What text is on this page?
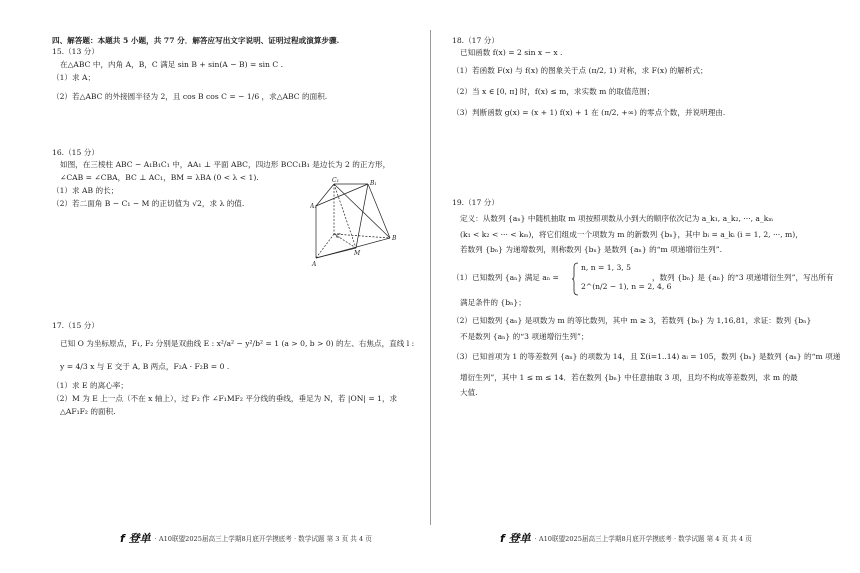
四、解答题：本题共 5 小题，共 77 分．解答应写出文字说明、证明过程或演算步骤.
15.（13 分）
在△ABC 中，内角 A，B，C 满足 sin B + sin(A − B) = sin C .
（1）求 A；
（2）若△ABC 的外接圆半径为 2，且 cos B cos C = − 1/6 ，求△ABC 的面积.
16.（15 分）
如图，在三棱柱 ABC − A₁B₁C₁ 中，AA₁ ⊥ 平面 ABC，四边形 BCC₁B₁ 是边长为 2 的正方形，
∠CAB = ∠CBA，BC ⊥ AC₁，BM = λBA (0 < λ < 1).
（1）求 AB 的长；
（2）若二面角 B − C₁ − M 的正切值为 √2，求 λ 的值.
C₁	B₁
A₁
C	B
M
A
17.（15 分）
已知 O 为坐标原点，F₁, F₂ 分别是双曲线 E : x²/a² − y²/b² = 1 (a > 0, b > 0) 的左、右焦点，直线 l :
y = 4/3 x 与 E 交于 A, B 两点，F₂A · F₂B = 0 .
（1）求 E 的离心率；
（2）M 为 E 上一点（不在 x 轴上），过 F₂ 作 ∠F₁MF₂ 平分线的垂线，垂足为 N，若 |ON| = 1，求
△AF₁F₂ 的面积.
f 登单 · A10联盟2025届高三上学期8月底开学摸底考 · 数学试题 第 3 页 共 4 页
18.（17 分）
已知函数 f(x) = 2 sin x − x .
（1）若函数 F(x) 与 f(x) 的图象关于点 (π/2, 1) 对称，求 F(x) 的解析式；
（2）当 x ∈ [0, π] 时，f(x) ≤ m，求实数 m 的取值范围；
（3）判断函数 g(x) = (x + 1) f(x) + 1 在 (π/2, +∞) 的零点个数，并说明理由.
19.（17 分）
定义：从数列 {aₙ} 中随机抽取 m 项按照项数从小到大的顺序依次记为 a_k₁, a_k₂, ···, a_kₘ
(k₁ < k₂ < ··· < kₘ)，将它们组成一个项数为 m 的新数列 {bₙ}，其中 bᵢ = a_kᵢ (i = 1, 2, ···, m)，
若数列 {bₙ} 为递增数列，则称数列 {bₙ} 是数列 {aₙ} 的“m 项递增衍生列”.
（1）已知数列 {aₙ} 满足 aₙ =
n, n = 1, 3, 5
2^(n/2 − 1), n = 2, 4, 6
，数列 {bₙ} 是 {aₙ} 的“3 项递增衍生列”，写出所有
满足条件的 {bₙ}；
（2）已知数列 {aₙ} 是项数为 m 的等比数列，其中 m ≥ 3，若数列 {bₙ} 为 1,16,81，求证：数列 {bₙ}
不是数列 {aₙ} 的“3 项递增衍生列”；
（3）已知首项为 1 的等差数列 {aₙ} 的项数为 14，且 Σ(i=1..14) aᵢ = 105，数列 {bₙ} 是数列 {aₙ} 的“m 项递
增衍生列”，其中 1 ≤ m ≤ 14．若在数列 {bₙ} 中任意抽取 3 项，且均不构成等差数列，求 m 的最
大值.
f 登单 · A10联盟2025届高三上学期8月底开学摸底考 · 数学试题 第 4 页 共 4 页
